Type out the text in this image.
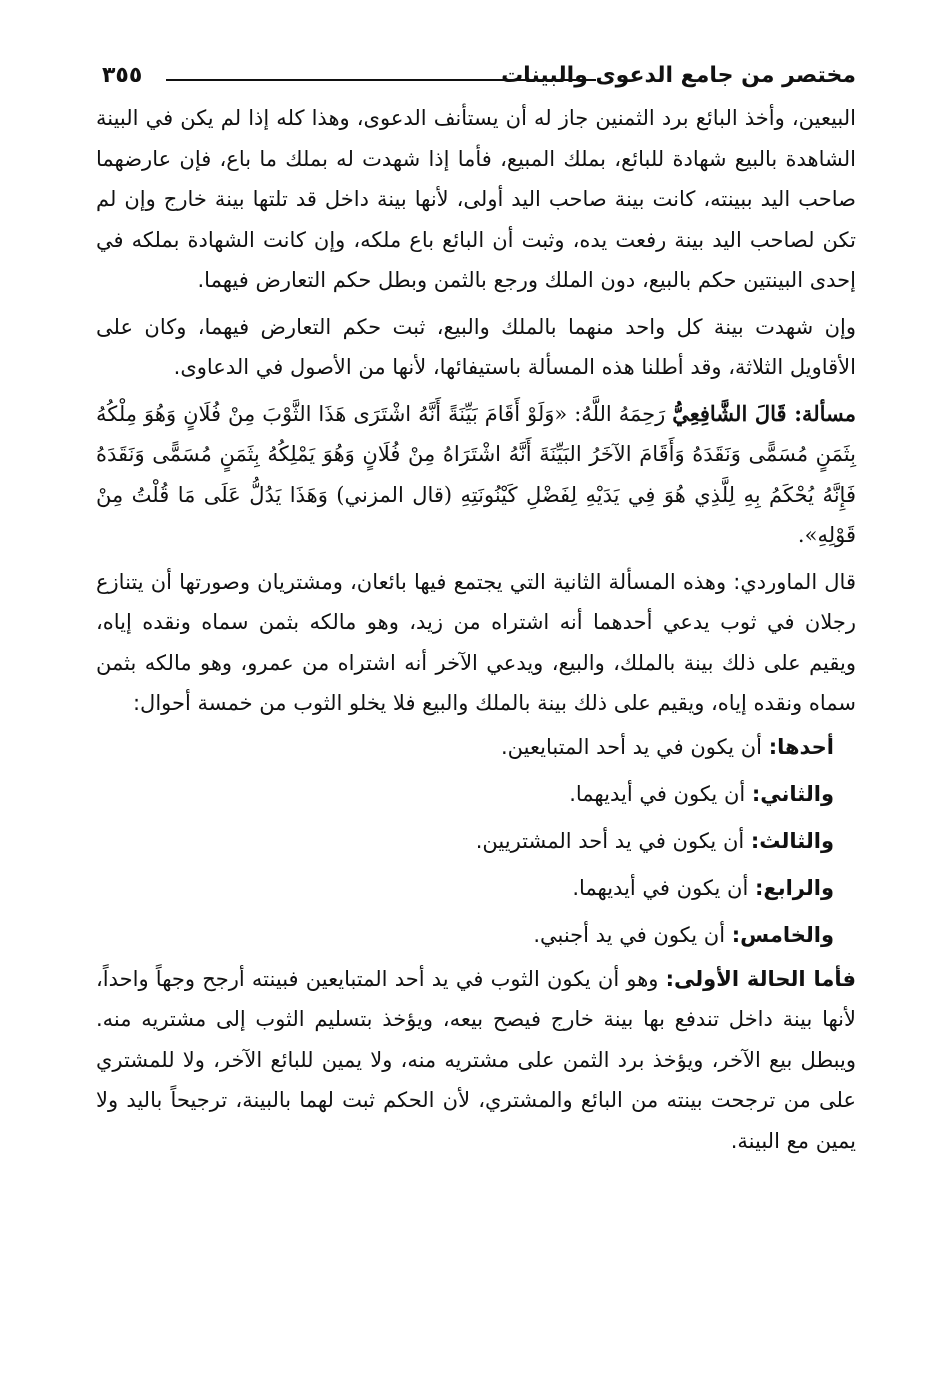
مختصر من جامع الدعوى والبينات
٣٥٥

البيعين، وأخذ البائع برد الثمنين جاز له أن يستأنف الدعوى، وهذا كله إذا لم يكن في البينة الشاهدة بالبيع شهادة للبائع، بملك المبيع، فأما إذا شهدت له بملك ما باع، فإن عارضهما صاحب اليد ببينته، كانت بينة صاحب اليد أولى، لأنها بينة داخل قد تلتها بينة خارج وإن لم تكن لصاحب اليد بينة رفعت يده، وثبت أن البائع باع ملكه، وإن كانت الشهادة بملكه في إحدى البينتين حكم بالبيع، دون الملك ورجع بالثمن وبطل حكم التعارض فيهما.

وإن شهدت بينة كل واحد منهما بالملك والبيع، ثبت حكم التعارض فيهما، وكان على الأقاويل الثلاثة، وقد أطلنا هذه المسألة باستيفائها، لأنها من الأصول في الدعاوى.

مسألة: قَالَ الشَّافِعِيُّ رَحِمَهُ اللَّهُ: «وَلَوْ أَقَامَ بَيِّنَةً أَنَّهُ اشْتَرَى هَذَا الثَّوْبَ مِنْ فُلَانٍ وَهُوَ مِلْكُهُ بِثَمَنٍ مُسَمًّى وَنَقَدَهُ وَأَقَامَ الآخَرُ البَيِّنَةَ أَنَّهُ اشْتَرَاهُ مِنْ فُلَانٍ وَهُوَ يَمْلِكُهُ بِثَمَنٍ مُسَمًّى وَنَقَدَهُ فَإِنَّهُ يُحْكَمُ بِهِ لِلَّذِي هُوَ فِي يَدَيْهِ لِفَضْلِ كَيْنُونَتِهِ (قال المزني) وَهَذَا يَدُلُّ عَلَى مَا قُلْتُ مِنْ قَوْلِهِ».

قال الماوردي: وهذه المسألة الثانية التي يجتمع فيها بائعان، ومشتريان وصورتها أن يتنازع رجلان في ثوب يدعي أحدهما أنه اشتراه من زيد، وهو مالكه بثمن سماه ونقده إياه، ويقيم على ذلك بينة بالملك، والبيع، ويدعي الآخر أنه اشتراه من عمرو، وهو مالكه بثمن سماه ونقده إياه، ويقيم على ذلك بينة بالملك والبيع فلا يخلو الثوب من خمسة أحوال:

أحدها: أن يكون في يد أحد المتبايعين.
والثاني: أن يكون في أيديهما.
والثالث: أن يكون في يد أحد المشتريين.
والرابع: أن يكون في أيديهما.
والخامس: أن يكون في يد أجنبي.

فأما الحالة الأولى: وهو أن يكون الثوب في يد أحد المتبايعين فبينته أرجح وجهاً واحداً، لأنها بينة داخل تندفع بها بينة خارج فيصح بيعه، ويؤخذ بتسليم الثوب إلى مشتريه منه. ويبطل بيع الآخر، ويؤخذ برد الثمن على مشتريه منه، ولا يمين للبائع الآخر، ولا للمشتري على من ترجحت بينته من البائع والمشتري، لأن الحكم ثبت لهما بالبينة، ترجيحاً باليد ولا يمين مع البينة.
